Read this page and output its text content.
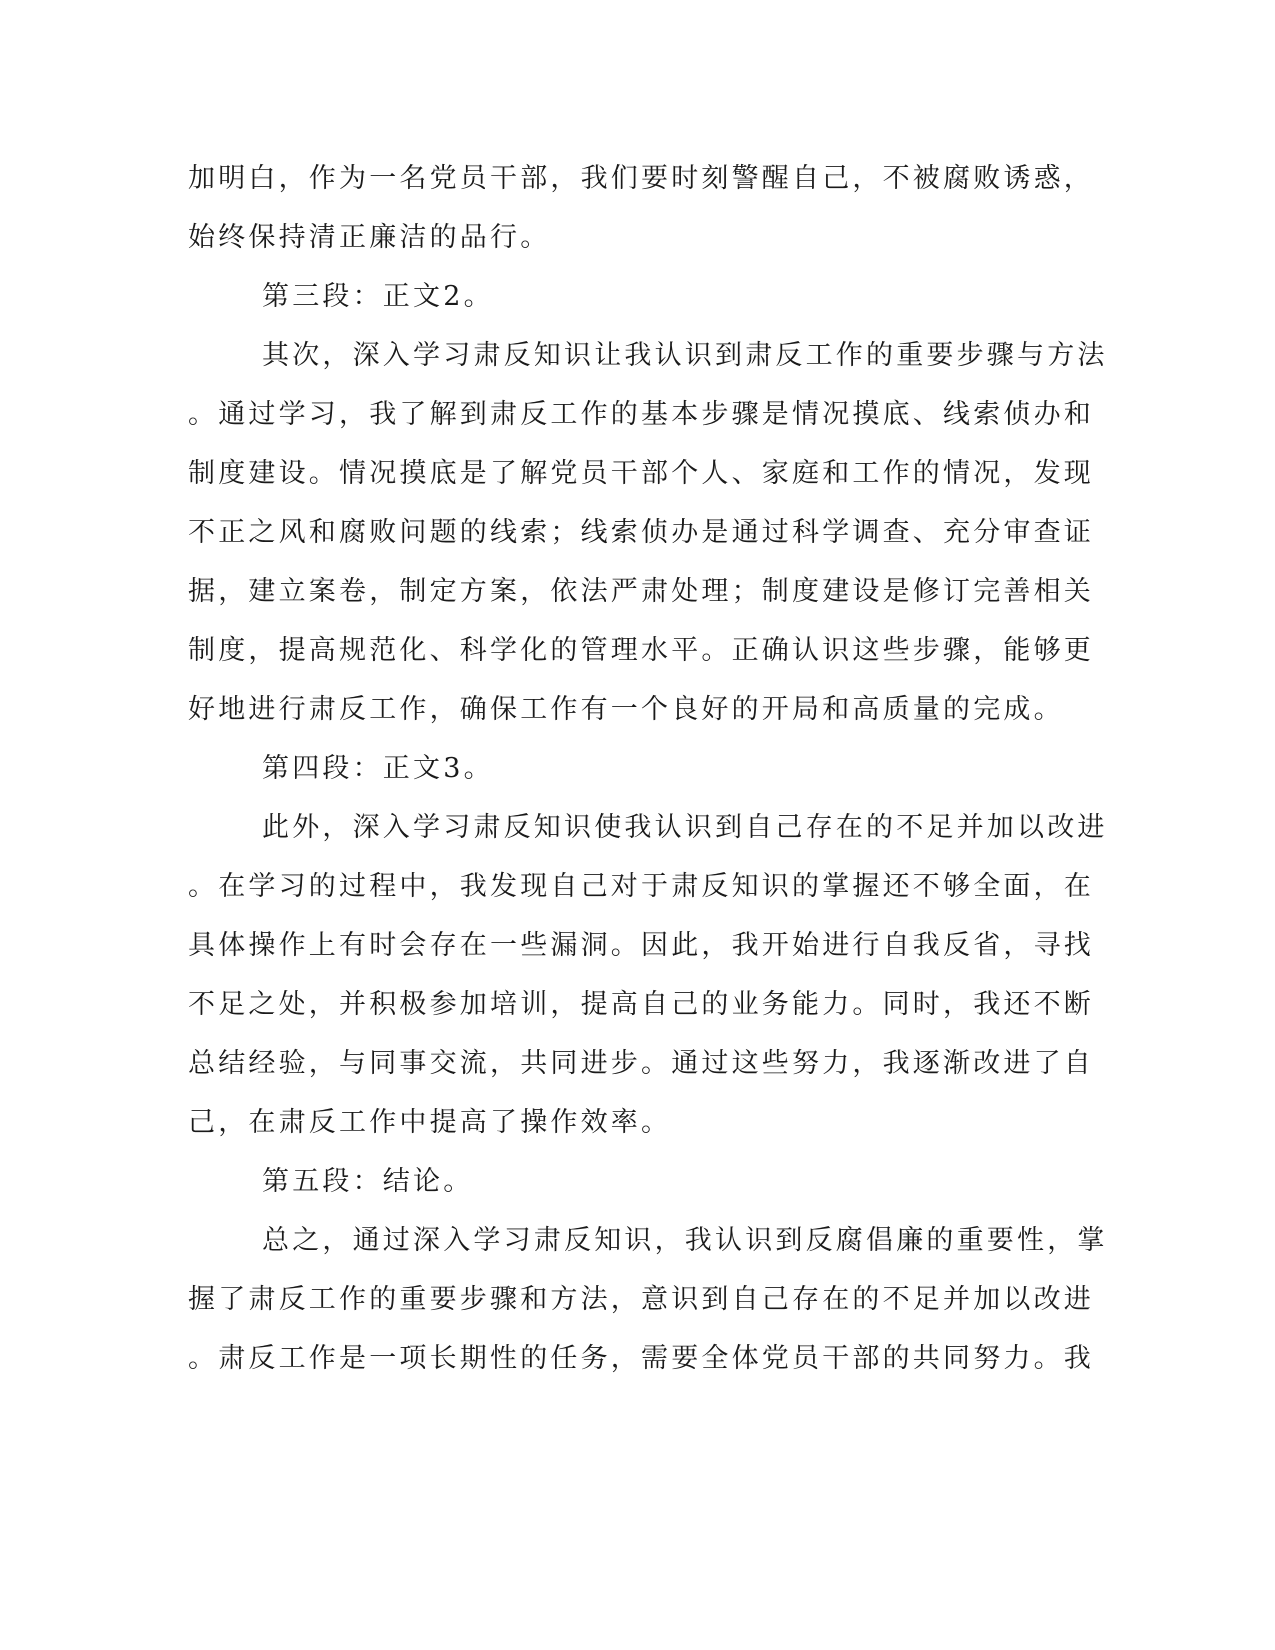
加明白，作为一名党员干部，我们要时刻警醒自己，不被腐败诱惑，
始终保持清正廉洁的品行。
第三段：正文2。
其次，深入学习肃反知识让我认识到肃反工作的重要步骤与方法
。通过学习，我了解到肃反工作的基本步骤是情况摸底、线索侦办和
制度建设。情况摸底是了解党员干部个人、家庭和工作的情况，发现
不正之风和腐败问题的线索；线索侦办是通过科学调查、充分审查证
据，建立案卷，制定方案，依法严肃处理；制度建设是修订完善相关
制度，提高规范化、科学化的管理水平。正确认识这些步骤，能够更
好地进行肃反工作，确保工作有一个良好的开局和高质量的完成。
第四段：正文3。
此外，深入学习肃反知识使我认识到自己存在的不足并加以改进
。在学习的过程中，我发现自己对于肃反知识的掌握还不够全面，在
具体操作上有时会存在一些漏洞。因此，我开始进行自我反省，寻找
不足之处，并积极参加培训，提高自己的业务能力。同时，我还不断
总结经验，与同事交流，共同进步。通过这些努力，我逐渐改进了自
己，在肃反工作中提高了操作效率。
第五段：结论。
总之，通过深入学习肃反知识，我认识到反腐倡廉的重要性，掌
握了肃反工作的重要步骤和方法，意识到自己存在的不足并加以改进
。肃反工作是一项长期性的任务，需要全体党员干部的共同努力。我
